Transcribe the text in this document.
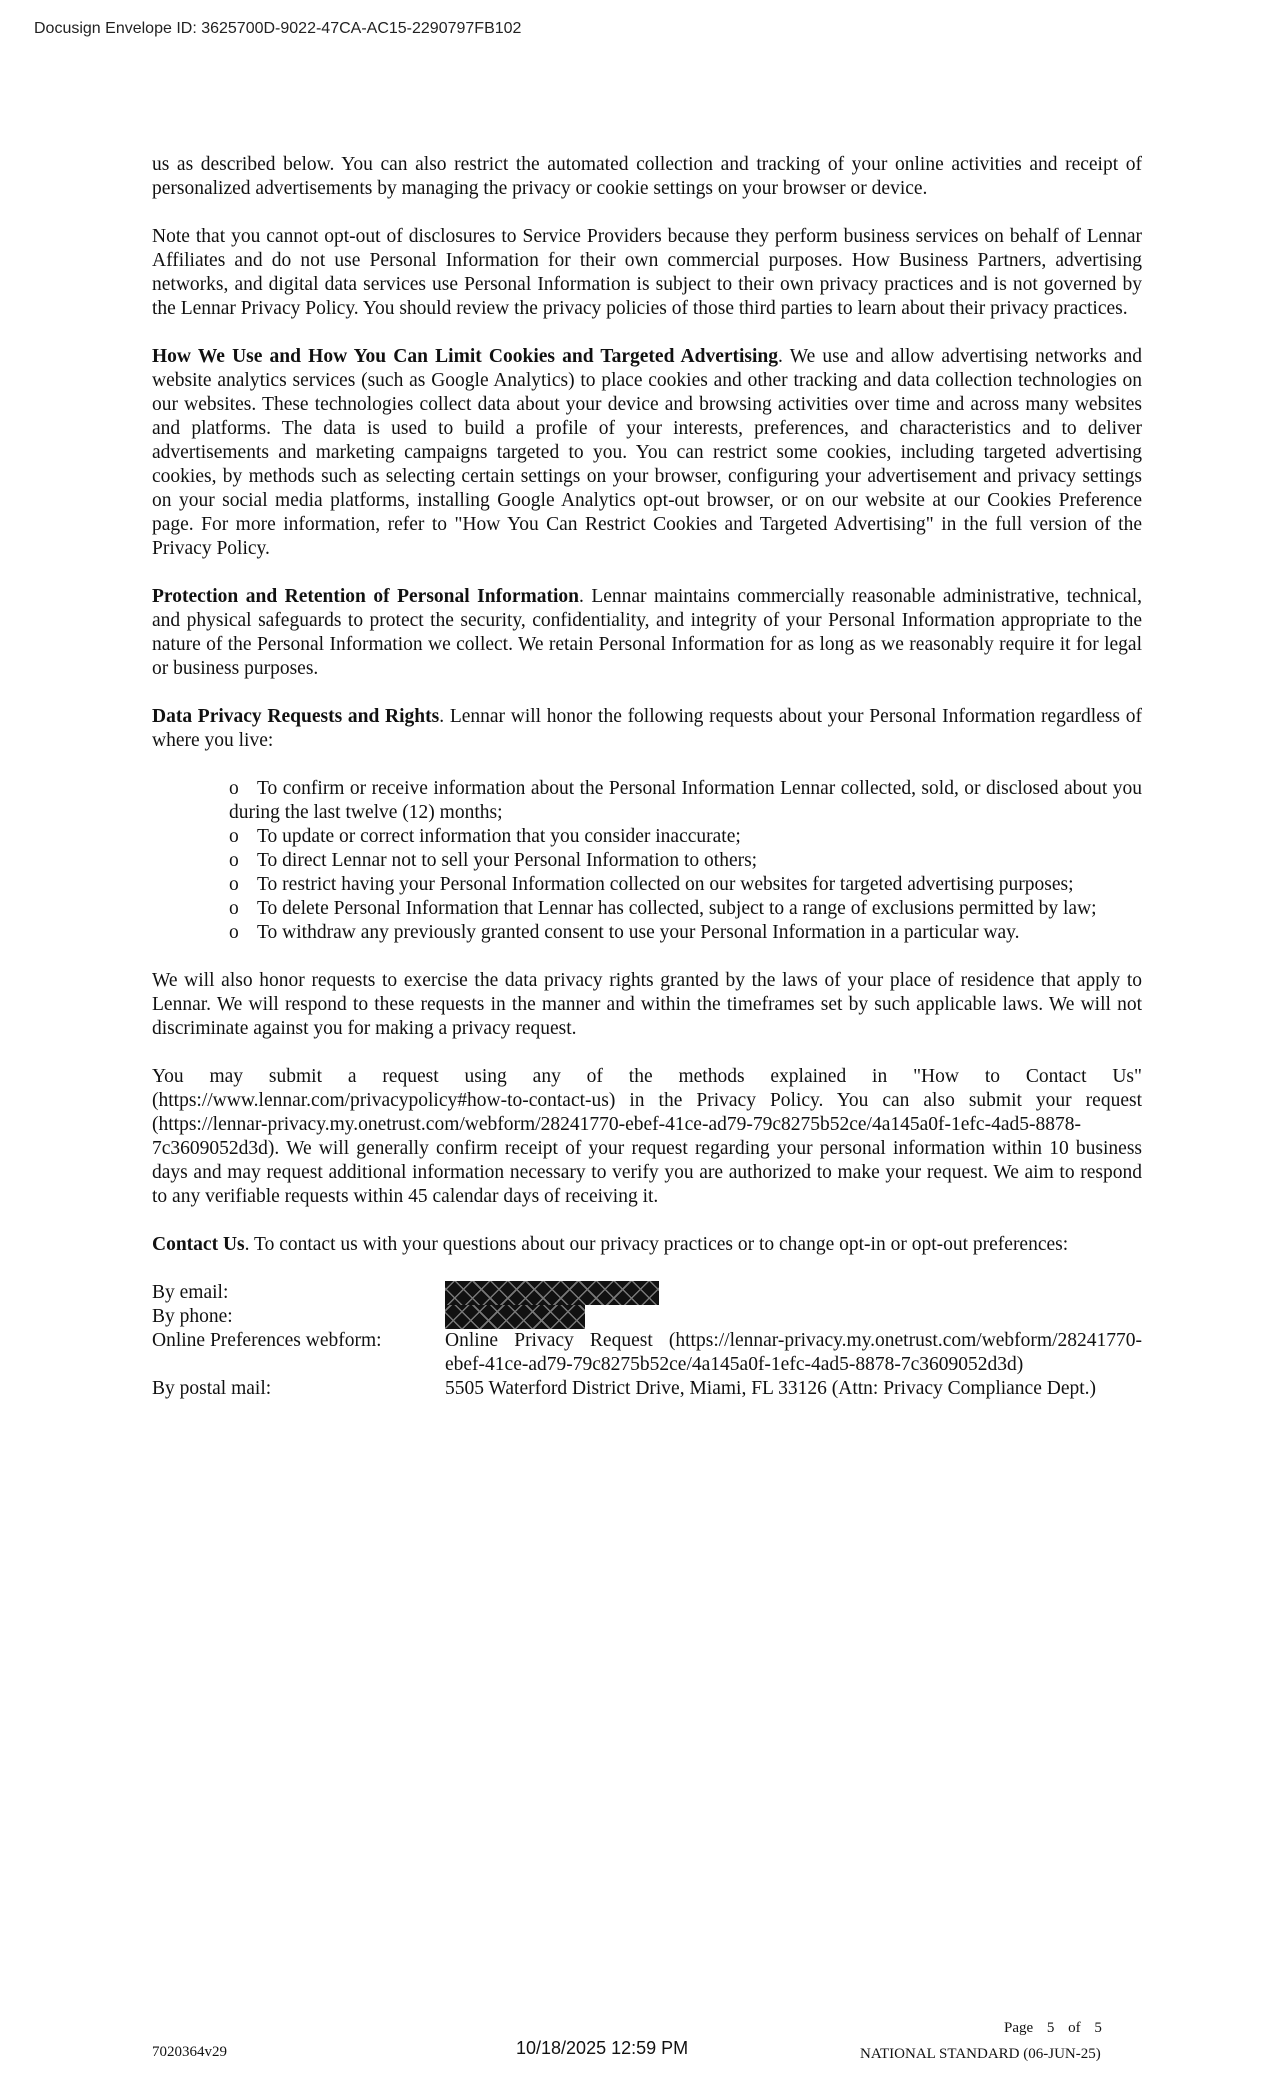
Docusign Envelope ID: 3625700D-9022-47CA-AC15-2290797FB102

us as described below. You can also restrict the automated collection and tracking of your online activities and receipt of personalized advertisements by managing the privacy or cookie settings on your browser or device.

Note that you cannot opt-out of disclosures to Service Providers because they perform business services on behalf of Lennar Affiliates and do not use Personal Information for their own commercial purposes. How Business Partners, advertising networks, and digital data services use Personal Information is subject to their own privacy practices and is not governed by the Lennar Privacy Policy. You should review the privacy policies of those third parties to learn about their privacy practices.

How We Use and How You Can Limit Cookies and Targeted Advertising. We use and allow advertising networks and website analytics services (such as Google Analytics) to place cookies and other tracking and data collection technologies on our websites. These technologies collect data about your device and browsing activities over time and across many websites and platforms. The data is used to build a profile of your interests, preferences, and characteristics and to deliver advertisements and marketing campaigns targeted to you. You can restrict some cookies, including targeted advertising cookies, by methods such as selecting certain settings on your browser, configuring your advertisement and privacy settings on your social media platforms, installing Google Analytics opt-out browser, or on our website at our Cookies Preference page. For more information, refer to "How You Can Restrict Cookies and Targeted Advertising" in the full version of the Privacy Policy.

Protection and Retention of Personal Information. Lennar maintains commercially reasonable administrative, technical, and physical safeguards to protect the security, confidentiality, and integrity of your Personal Information appropriate to the nature of the Personal Information we collect. We retain Personal Information for as long as we reasonably require it for legal or business purposes.

Data Privacy Requests and Rights. Lennar will honor the following requests about your Personal Information regardless of where you live:

o To confirm or receive information about the Personal Information Lennar collected, sold, or disclosed about you during the last twelve (12) months;
o To update or correct information that you consider inaccurate;
o To direct Lennar not to sell your Personal Information to others;
o To restrict having your Personal Information collected on our websites for targeted advertising purposes;
o To delete Personal Information that Lennar has collected, subject to a range of exclusions permitted by law;
o To withdraw any previously granted consent to use your Personal Information in a particular way.

We will also honor requests to exercise the data privacy rights granted by the laws of your place of residence that apply to Lennar. We will respond to these requests in the manner and within the timeframes set by such applicable laws. We will not discriminate against you for making a privacy request.

You may submit a request using any of the methods explained in "How to Contact Us" (https://www.lennar.com/privacypolicy#how-to-contact-us) in the Privacy Policy. You can also submit your request (https://lennar-privacy.my.onetrust.com/webform/28241770-ebef-41ce-ad79-79c8275b52ce/4a145a0f-1efc-4ad5-8878-7c3609052d3d). We will generally confirm receipt of your request regarding your personal information within 10 business days and may request additional information necessary to verify you are authorized to make your request. We aim to respond to any verifiable requests within 45 calendar days of receiving it.

Contact Us. To contact us with your questions about our privacy practices or to change opt-in or opt-out preferences:

By email:	
By phone:	
Online Preferences webform:	Online Privacy Request (https://lennar-privacy.my.onetrust.com/webform/28241770-ebef-41ce-ad79-79c8275b52ce/4a145a0f-1efc-4ad5-8878-7c3609052d3d)
By postal mail:	5505 Waterford District Drive, Miami, FL 33126 (Attn: Privacy Compliance Dept.)
7020364v29	10/18/2025 12:59 PM
Page 5 of 5
NATIONAL STANDARD (06-JUN-25)
